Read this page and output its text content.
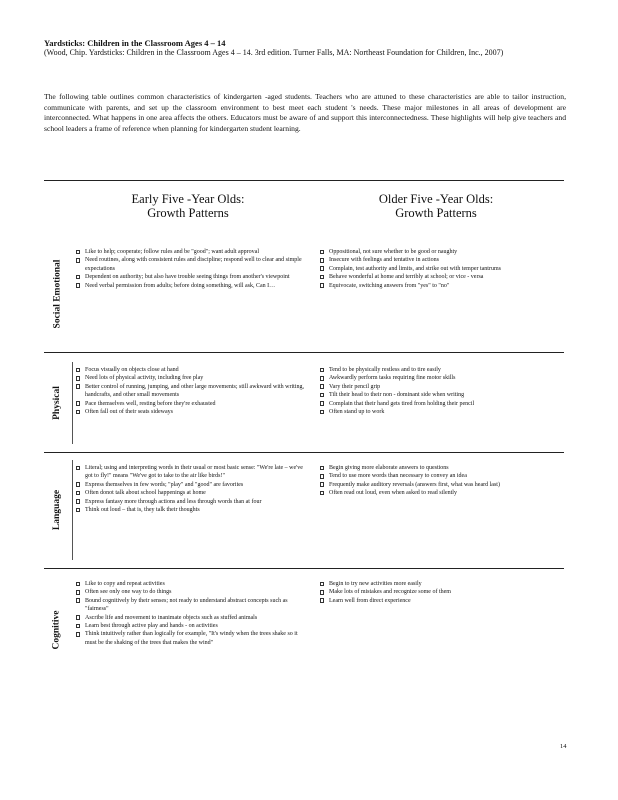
Yardsticks: Children in the Classroom Ages 4 – 14
(Wood, Chip. Yardsticks: Children in the Classroom Ages 4 – 14. 3rd edition. Turner Falls, MA: Northeast Foundation for Children, Inc., 2007)
The following table outlines common characteristics of kindergarten -aged students. Teachers who are attuned to these characteristics are able to tailor instruction, communicate with parents, and set up the classroom environment to best meet each student 's needs. These major milestones in all areas of development are interconnected. What happens in one area affects the others. Educators must be aware of and support this interconnectedness. These highlights will help give teachers and school leaders a frame of reference when planning for kindergarten student learning.
Early Five -Year Olds:
Growth Patterns
Older Five -Year Olds:
Growth Patterns
Social Emotional
Like to help; cooperate; follow rules and be "good"; want adult approval
Need routines, along with consistent rules and discipline; respond well to clear and simple expectations
Dependent on authority; but also have trouble seeing things from another's viewpoint
Need verbal permission from adults; before doing something, will ask, Can I…
Oppositional, not sure whether to be good or naughty
Insecure with feelings and tentative in actions
Complain, test authority and limits, and strike out with temper tantrums
Behave wonderful at home and terribly at school; or vice - versa
Equivocate, switching answers from "yes" to "no"
Physical
Focus visually on objects close at hand
Need lots of physical activity, including free play
Better control of running, jumping, and other large movements; still awkward with writing, handcrafts, and other small movements
Pace themselves well, resting before they're exhausted
Often fall out of their seats sideways
Tend to be physically restless and to tire easily
Awkwardly perform tasks requiring fine motor skills
Vary their pencil grip
Tilt their head to their non - dominant side when writing
Complain that their hand gets tired from holding their pencil
Often stand up to work
Language
Literal; using and interpreting words in their usual or most basic sense: "We're late – we've got to fly!" means "We've got to take to the air like birds!"
Express themselves in few words; "play" and "good" are favorites
Often donot talk about school happenings at home
Express fantasy more through actions and less through words than at four
Think out loud – that is, they talk their thoughts
Begin giving more elaborate answers to questions
Tend to use more words than necessary to convey an idea
Frequently make auditory reversals (answers first, what was heard last)
Often read out loud, even when asked to read silently
Cognitive
Like to copy and repeat activities
Often see only one way to do things
Bound cognitively by their senses; not ready to understand abstract concepts such as "fairness"
Ascribe life and movement to inanimate objects such as stuffed animals
Learn best through active play and hands - on activities
Think intuitively rather than logically for example, "It's windy when the trees shake so it must be the shaking of the trees that makes the wind"
Begin to try new activities more easily
Make lots of mistakes and recognize some of them
Learn well from direct experience
14
